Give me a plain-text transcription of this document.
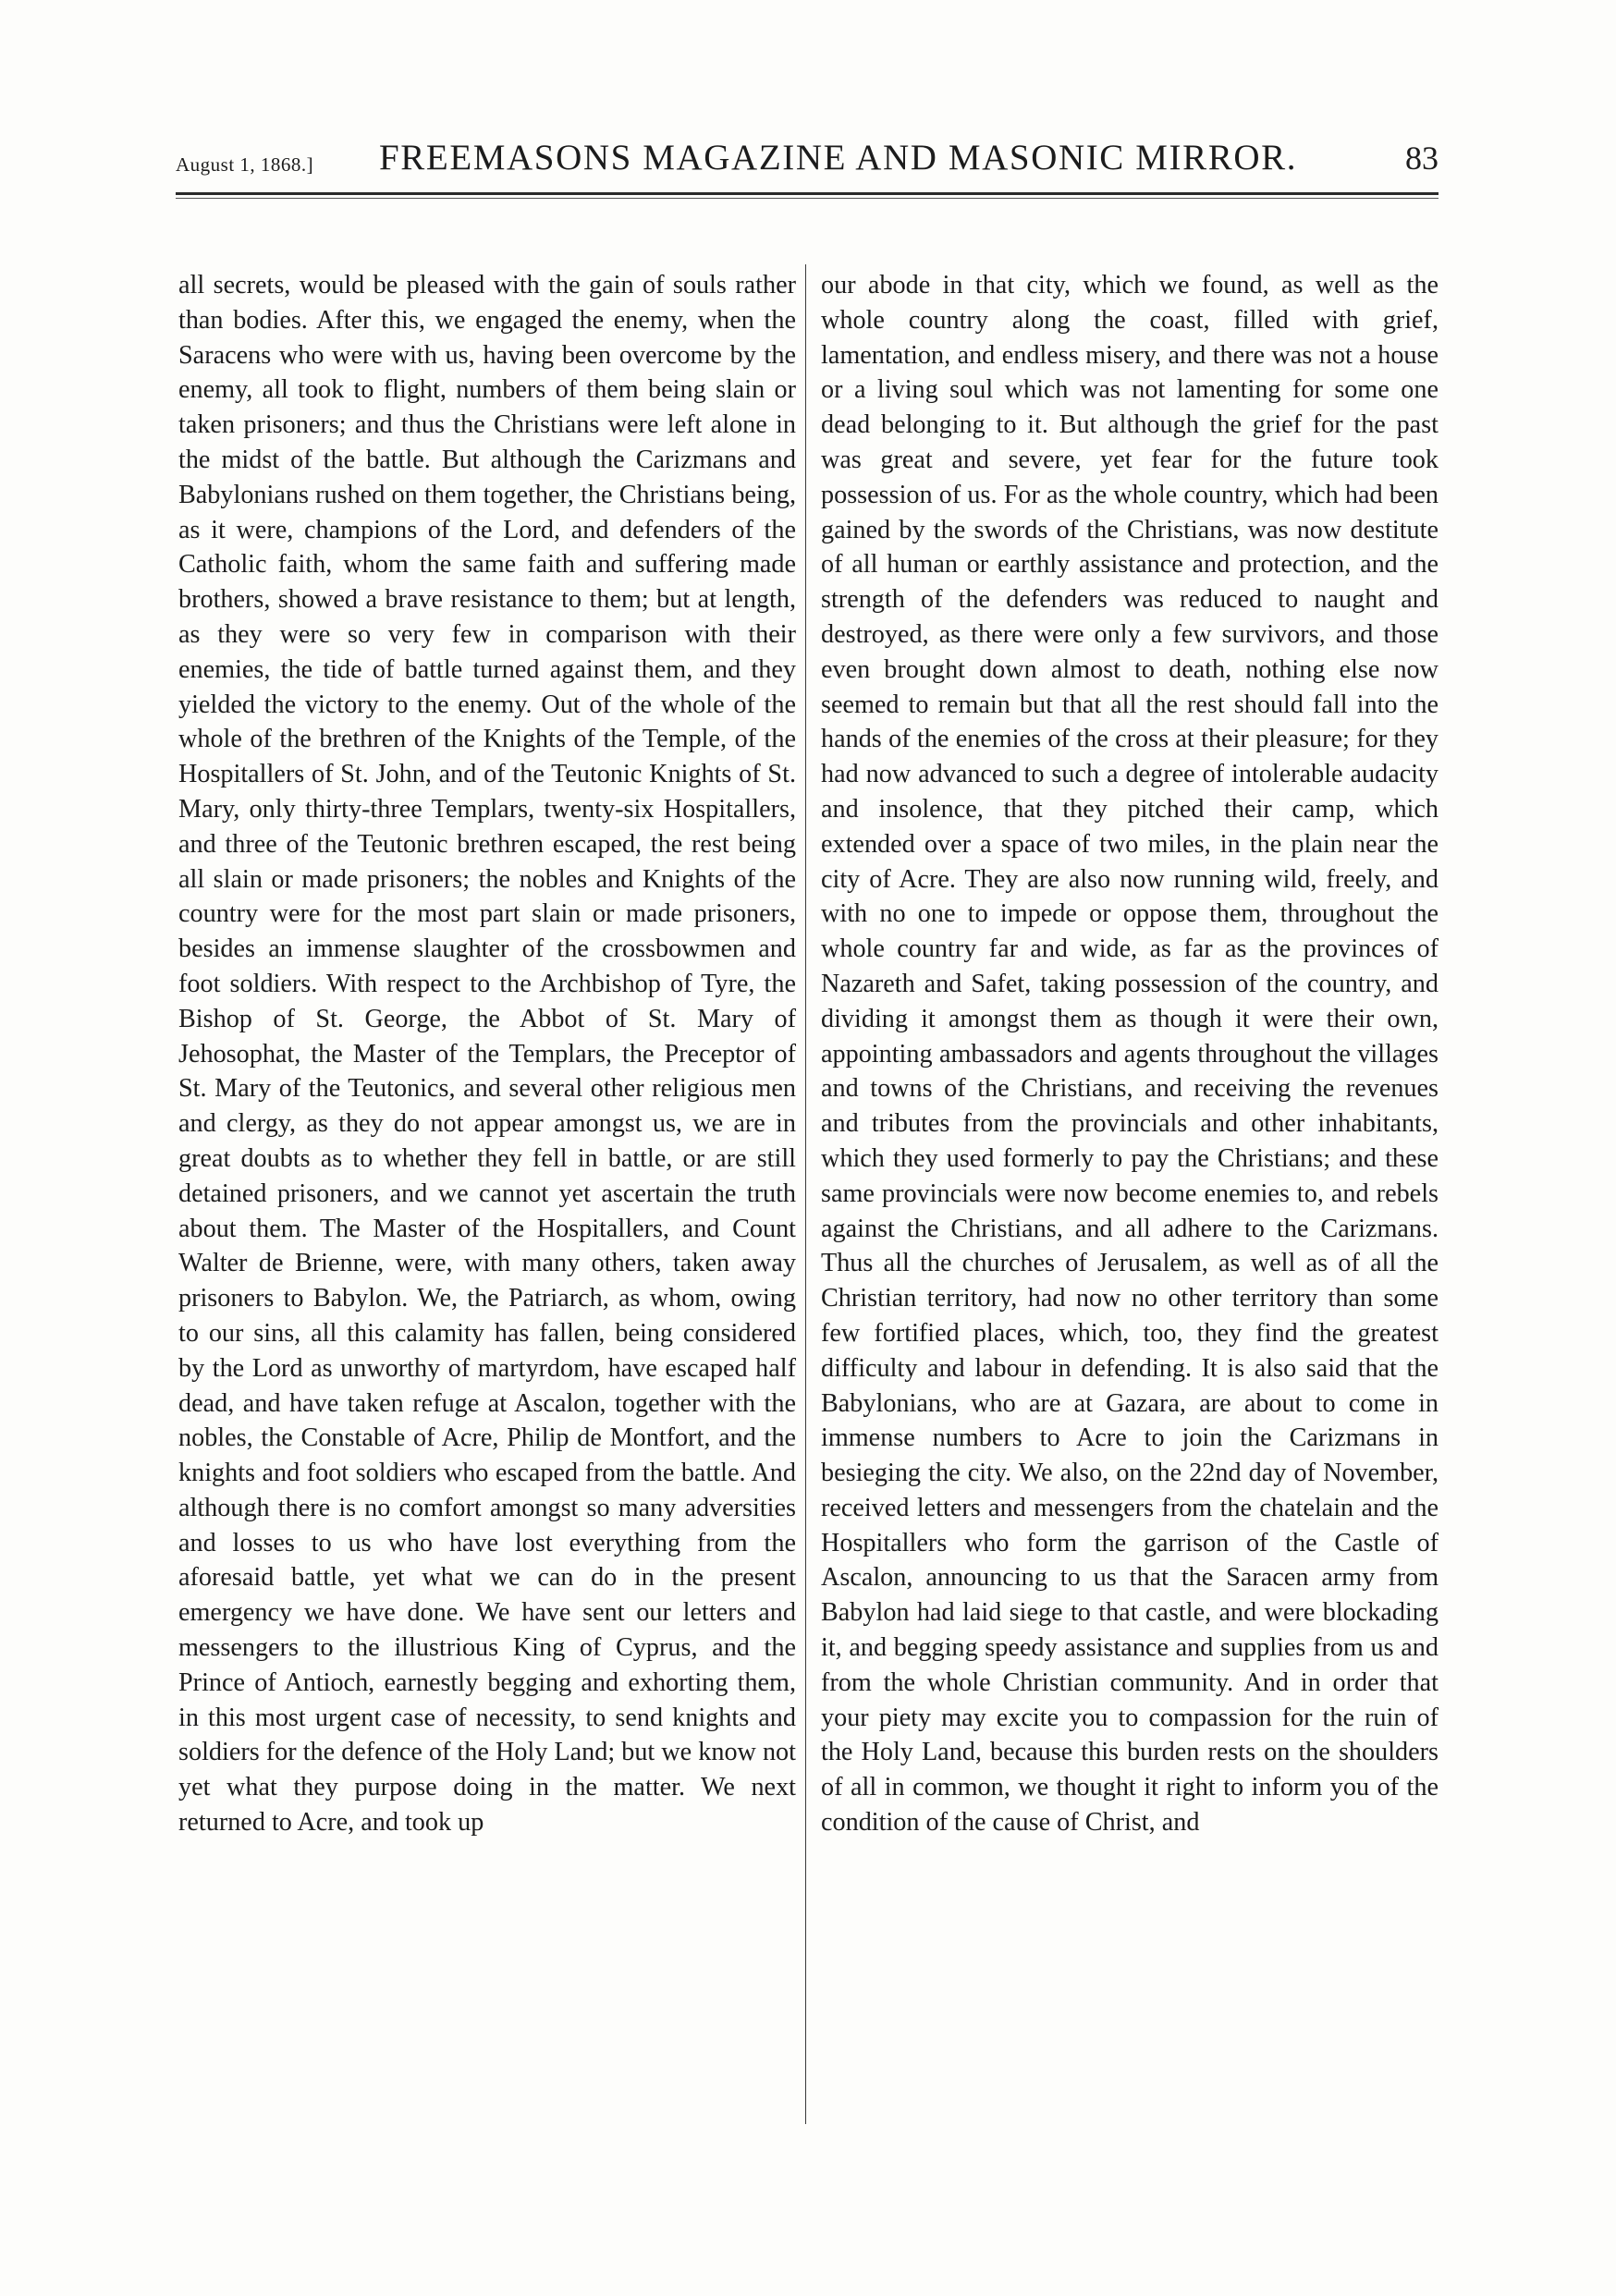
August 1, 1868.] FREEMASONS MAGAZINE AND MASONIC MIRROR.	83

all secrets, would be pleased with the gain of souls rather than bodies. After this, we engaged the enemy, when the Saracens who were with us, having been overcome by the enemy, all took to flight, numbers of them being slain or taken prisoners; and thus the Christians were left alone in the midst of the battle. But although the Carizmans and Babylonians rushed on them together, the Christians being, as it were, champions of the Lord, and defenders of the Catholic faith, whom the same faith and suffering made brothers, showed a brave resistance to them; but at length, as they were so very few in comparison with their enemies, the tide of battle turned against them, and they yielded the victory to the enemy. Out of the whole of the whole of the brethren of the Knights of the Temple, of the Hospitallers of St. John, and of the Teutonic Knights of St. Mary, only thirty-three Templars, twenty-six Hospitallers, and three of the Teutonic brethren escaped, the rest being all slain or made prisoners; the nobles and Knights of the country were for the most part slain or made prisoners, besides an immense slaughter of the crossbowmen and foot soldiers. With respect to the Archbishop of Tyre, the Bishop of St. George, the Abbot of St. Mary of Jehosophat, the Master of the Templars, the Preceptor of St. Mary of the Teutonics, and several other religious men and clergy, as they do not appear amongst us, we are in great doubts as to whether they fell in battle, or are still detained prisoners, and we cannot yet ascertain the truth about them. The Master of the Hospitallers, and Count Walter de Brienne, were, with many others, taken away prisoners to Babylon. We, the Patriarch, as whom, owing to our sins, all this calamity has fallen, being considered by the Lord as unworthy of martyrdom, have escaped half dead, and have taken refuge at Ascalon, together with the nobles, the Constable of Acre, Philip de Montfort, and the knights and foot soldiers who escaped from the battle. And although there is no comfort amongst so many adversities and losses to us who have lost everything from the aforesaid battle, yet what we can do in the present emergency we have done. We have sent our letters and messengers to the illustrious King of Cyprus, and the Prince of Antioch, earnestly begging and exhorting them, in this most urgent case of necessity, to send knights and soldiers for the defence of the Holy Land; but we know not yet what they purpose doing in the matter. We next returned to Acre, and took up

our abode in that city, which we found, as well as the whole country along the coast, filled with grief, lamentation, and endless misery, and there was not a house or a living soul which was not lamenting for some one dead belonging to it. But although the grief for the past was great and severe, yet fear for the future took possession of us. For as the whole country, which had been gained by the swords of the Christians, was now destitute of all human or earthly assistance and protection, and the strength of the defenders was reduced to naught and destroyed, as there were only a few survivors, and those even brought down almost to death, nothing else now seemed to remain but that all the rest should fall into the hands of the enemies of the cross at their pleasure; for they had now advanced to such a degree of intolerable audacity and insolence, that they pitched their camp, which extended over a space of two miles, in the plain near the city of Acre. They are also now running wild, freely, and with no one to impede or oppose them, throughout the whole country far and wide, as far as the provinces of Nazareth and Safet, taking possession of the country, and dividing it amongst them as though it were their own, appointing ambassadors and agents throughout the villages and towns of the Christians, and receiving the revenues and tributes from the provincials and other inhabitants, which they used formerly to pay the Christians; and these same provincials were now become enemies to, and rebels against the Christians, and all adhere to the Carizmans. Thus all the churches of Jerusalem, as well as of all the Christian territory, had now no other territory than some few fortified places, which, too, they find the greatest difficulty and labour in defending. It is also said that the Babylonians, who are at Gazara, are about to come in immense numbers to Acre to join the Carizmans in besieging the city. We also, on the 22nd day of November, received letters and messengers from the chatelain and the Hospitallers who form the garrison of the Castle of Ascalon, announcing to us that the Saracen army from Babylon had laid siege to that castle, and were blockading it, and begging speedy assistance and supplies from us and from the whole Christian community. And in order that your piety may excite you to compassion for the ruin of the Holy Land, because this burden rests on the shoulders of all in common, we thought it right to inform you of the condition of the cause of Christ, and
